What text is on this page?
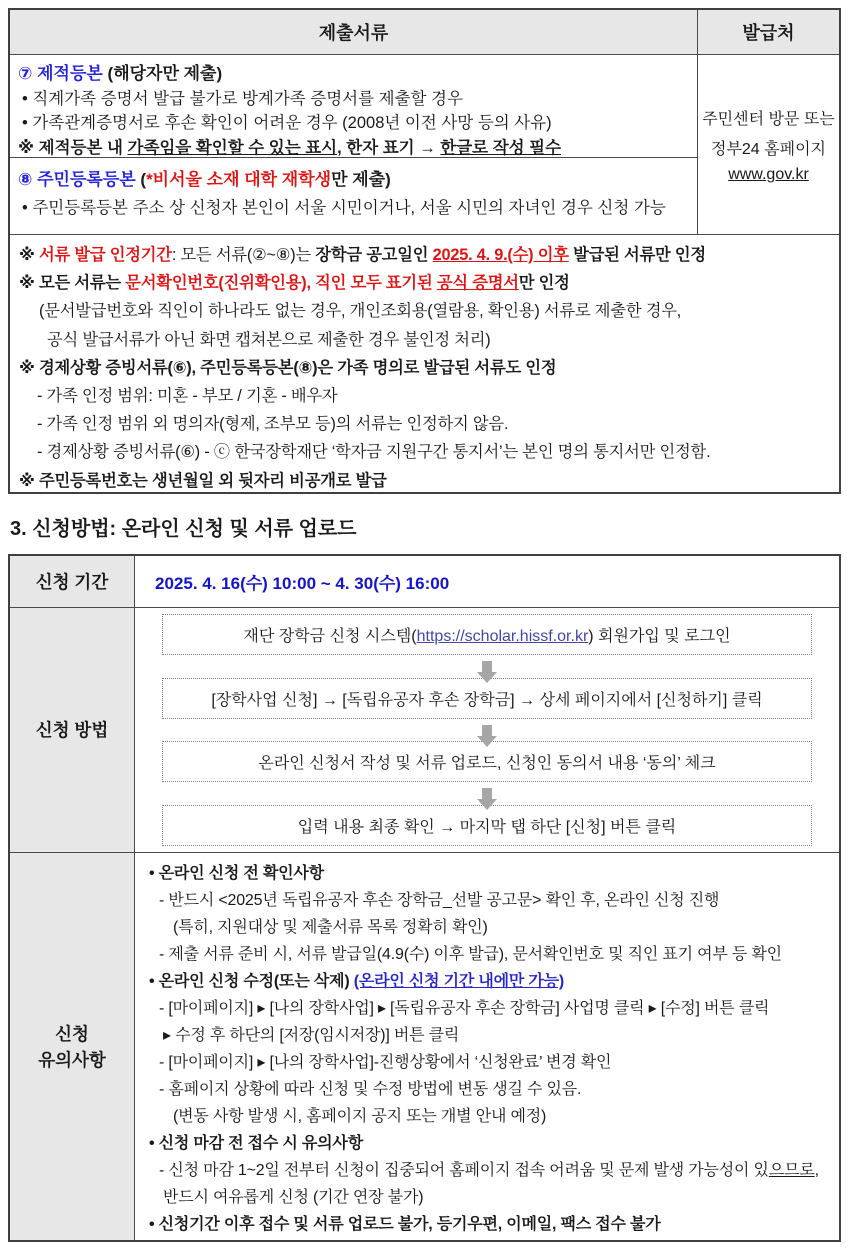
제출서류	발급처
⑦ 제적등본 (해당자만 제출)
• 직계가족 증명서 발급 불가로 방계가족 증명서를 제출할 경우
• 가족관계증명서로 후손 확인이 어려운 경우 (2008년 이전 사망 등의 사유)
※ 제적등본 내 가족임을 확인할 수 있는 표시, 한자 표기 → 한글로 작성 필수
⑧ 주민등록등본 (*비서울 소재 대학 재학생만 제출)
• 주민등록등본 주소 상 신청자 본인이 서울 시민이거나, 서울 시민의 자녀인 경우 신청 가능
주민센터 방문 또는
정부24 홈페이지
www.gov.kr
※ 서류 발급 인정기간: 모든 서류(②~⑧)는 장학금 공고일인 2025. 4. 9.(수) 이후 발급된 서류만 인정
※ 모든 서류는 문서확인번호(진위확인용), 직인 모두 표기된 공식 증명서만 인정
(문서발급번호와 직인이 하나라도 없는 경우, 개인조회용(열람용, 확인용) 서류로 제출한 경우,
공식 발급서류가 아닌 화면 캡쳐본으로 제출한 경우 불인정 처리)
※ 경제상황 증빙서류(⑥), 주민등록등본(⑧)은 가족 명의로 발급된 서류도 인정
- 가족 인정 범위: 미혼 - 부모 / 기혼 - 배우자
- 가족 인정 범위 외 명의자(형제, 조부모 등)의 서류는 인정하지 않음.
- 경제상황 증빙서류(⑥) - ⓒ 한국장학재단 ‘학자금 지원구간 통지서’는 본인 명의 통지서만 인정함.
※ 주민등록번호는 생년월일 외 뒷자리 비공개로 발급
3. 신청방법: 온라인 신청 및 서류 업로드
신청 기간	2025. 4. 16(수) 10:00 ~ 4. 30(수) 16:00
신청 방법
재단 장학금 신청 시스템(https://scholar.hissf.or.kr) 회원가입 및 로그인
[장학사업 신청] → [독립유공자 후손 장학금] → 상세 페이지에서 [신청하기] 클릭
온라인 신청서 작성 및 서류 업로드, 신청인 동의서 내용 ‘동의’ 체크
입력 내용 최종 확인 → 마지막 탭 하단 [신청] 버튼 클릭
신청
유의사항
• 온라인 신청 전 확인사항
- 반드시 <2025년 독립유공자 후손 장학금_선발 공고문> 확인 후, 온라인 신청 진행
(특히, 지원대상 및 제출서류 목록 정확히 확인)
- 제출 서류 준비 시, 서류 발급일(4.9(수) 이후 발급), 문서확인번호 및 직인 표기 여부 등 확인
• 온라인 신청 수정(또는 삭제) (온라인 신청 기간 내에만 가능)
- [마이페이지] ▸ [나의 장학사업] ▸ [독립유공자 후손 장학금] 사업명 클릭 ▸ [수정] 버튼 클릭
▸ 수정 후 하단의 [저장(임시저장)] 버튼 클릭
- [마이페이지] ▸ [나의 장학사업]-진행상황에서 ‘신청완료’ 변경 확인
- 홈페이지 상황에 따라 신청 및 수정 방법에 변동 생길 수 있음.
(변동 사항 발생 시, 홈페이지 공지 또는 개별 안내 예정)
• 신청 마감 전 접수 시 유의사항
- 신청 마감 1~2일 전부터 신청이 집중되어 홈페이지 접속 어려움 및 문제 발생 가능성이 있으므로,
반드시 여유롭게 신청 (기간 연장 불가)
• 신청기간 이후 접수 및 서류 업로드 불가, 등기우편, 이메일, 팩스 접수 불가
